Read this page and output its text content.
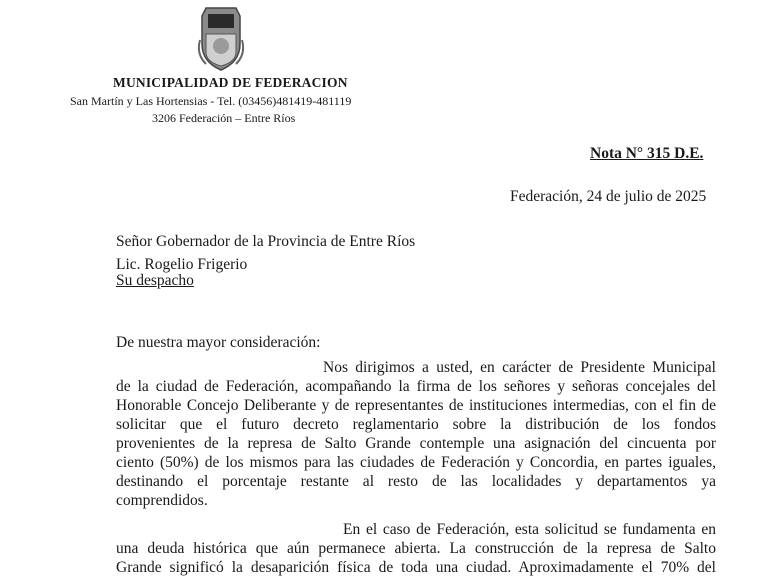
MUNICIPALIDAD DE FEDERACION
San Martín y Las Hortensias - Tel. (03456)481419-481119
3206 Federación – Entre Ríos
Nota N° 315 D.E.
Federación, 24 de julio de 2025
Señor Gobernador de la Provincia de Entre Ríos
Lic. Rogelio Frigerio
Su despacho
De nuestra mayor consideración:
Nos dirigimos a usted, en carácter de Presidente Municipal
de la ciudad de Federación, acompañando la firma de los señores y señoras concejales del
Honorable Concejo Deliberante y de representantes de instituciones intermedias, con el fin de
solicitar que el futuro decreto reglamentario sobre la distribución de los fondos
provenientes de la represa de Salto Grande contemple una asignación del cincuenta por
ciento (50%) de los mismos para las ciudades de Federación y Concordia, en partes iguales,
destinando el porcentaje restante al resto de las localidades y departamentos ya
comprendidos.
En el caso de Federación, esta solicitud se fundamenta en
una deuda histórica que aún permanece abierta. La construcción de la represa de Salto
Grande significó la desaparición física de toda una ciudad. Aproximadamente el 70% del
